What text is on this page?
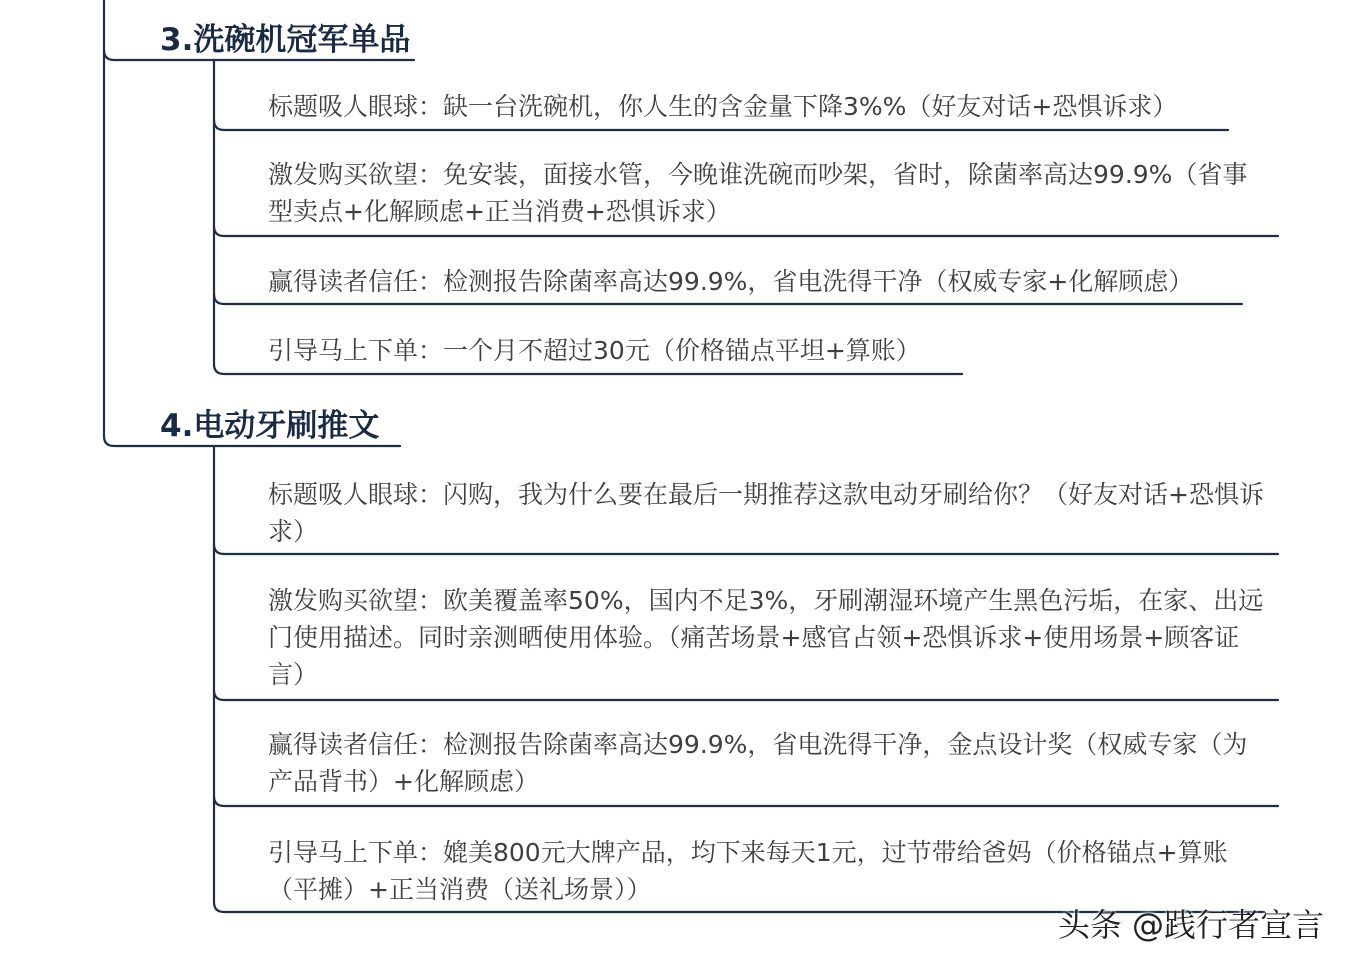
3.洗碗机冠军单品
标题吸人眼球：缺一台洗碗机，你人生的含金量下降3%%（好友对话+恐惧诉求）
激发购买欲望：免安装，面接水管，今晚谁洗碗而吵架，省时，除菌率高达99.9%（省事型卖点+化解顾虑+正当消费+恐惧诉求）
赢得读者信任：检测报告除菌率高达99.9%，省电洗得干净（权威专家+化解顾虑）
引导马上下单：一个月不超过30元（价格锚点平坦+算账）
4.电动牙刷推文
标题吸人眼球：闪购，我为什么要在最后一期推荐这款电动牙刷给你？（好友对话+恐惧诉求）
激发购买欲望：欧美覆盖率50%，国内不足3%，牙刷潮湿环境产生黑色污垢，在家、出远门使用描述。同时亲测晒使用体验。（痛苦场景+感官占领+恐惧诉求+使用场景+顾客证言）
赢得读者信任：检测报告除菌率高达99.9%，省电洗得干净，金点设计奖（权威专家（为产品背书）+化解顾虑）
引导马上下单：媲美800元大牌产品，均下来每天1元，过节带给爸妈（价格锚点+算账（平摊）+正当消费（送礼场景））
头条 @践行者宣言
